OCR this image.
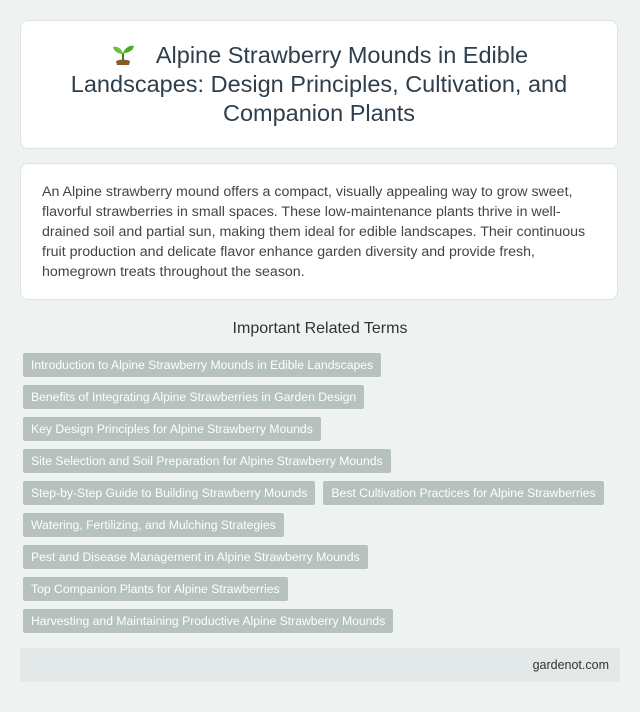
Alpine Strawberry Mounds in Edible Landscapes: Design Principles, Cultivation, and Companion Plants

An Alpine strawberry mound offers a compact, visually appealing way to grow sweet, flavorful strawberries in small spaces. These low-maintenance plants thrive in well-drained soil and partial sun, making them ideal for edible landscapes. Their continuous fruit production and delicate flavor enhance garden diversity and provide fresh, homegrown treats throughout the season.

Important Related Terms
Introduction to Alpine Strawberry Mounds in Edible Landscapes
Benefits of Integrating Alpine Strawberries in Garden Design
Key Design Principles for Alpine Strawberry Mounds
Site Selection and Soil Preparation for Alpine Strawberry Mounds
Step-by-Step Guide to Building Strawberry Mounds	Best Cultivation Practices for Alpine Strawberries
Watering, Fertilizing, and Mulching Strategies
Pest and Disease Management in Alpine Strawberry Mounds
Top Companion Plants for Alpine Strawberries
Harvesting and Maintaining Productive Alpine Strawberry Mounds
gardenot.com
